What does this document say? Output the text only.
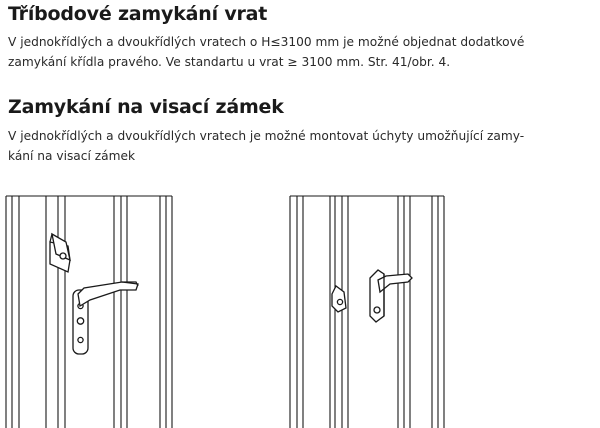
Tříbodové zamykání vrat
V jednokřídlých a dvoukřídlých vratech o H≤3100 mm je možné objednat dodatkové
zamykání křídla pravého. Ve standartu u vrat ≥ 3100 mm. Str. 41/obr. 4.
Zamykání na visací zámek
V jednokřídlých a dvoukřídlých vratech je možné montovat úchyty umožňující zamy-
kání na visací zámek
